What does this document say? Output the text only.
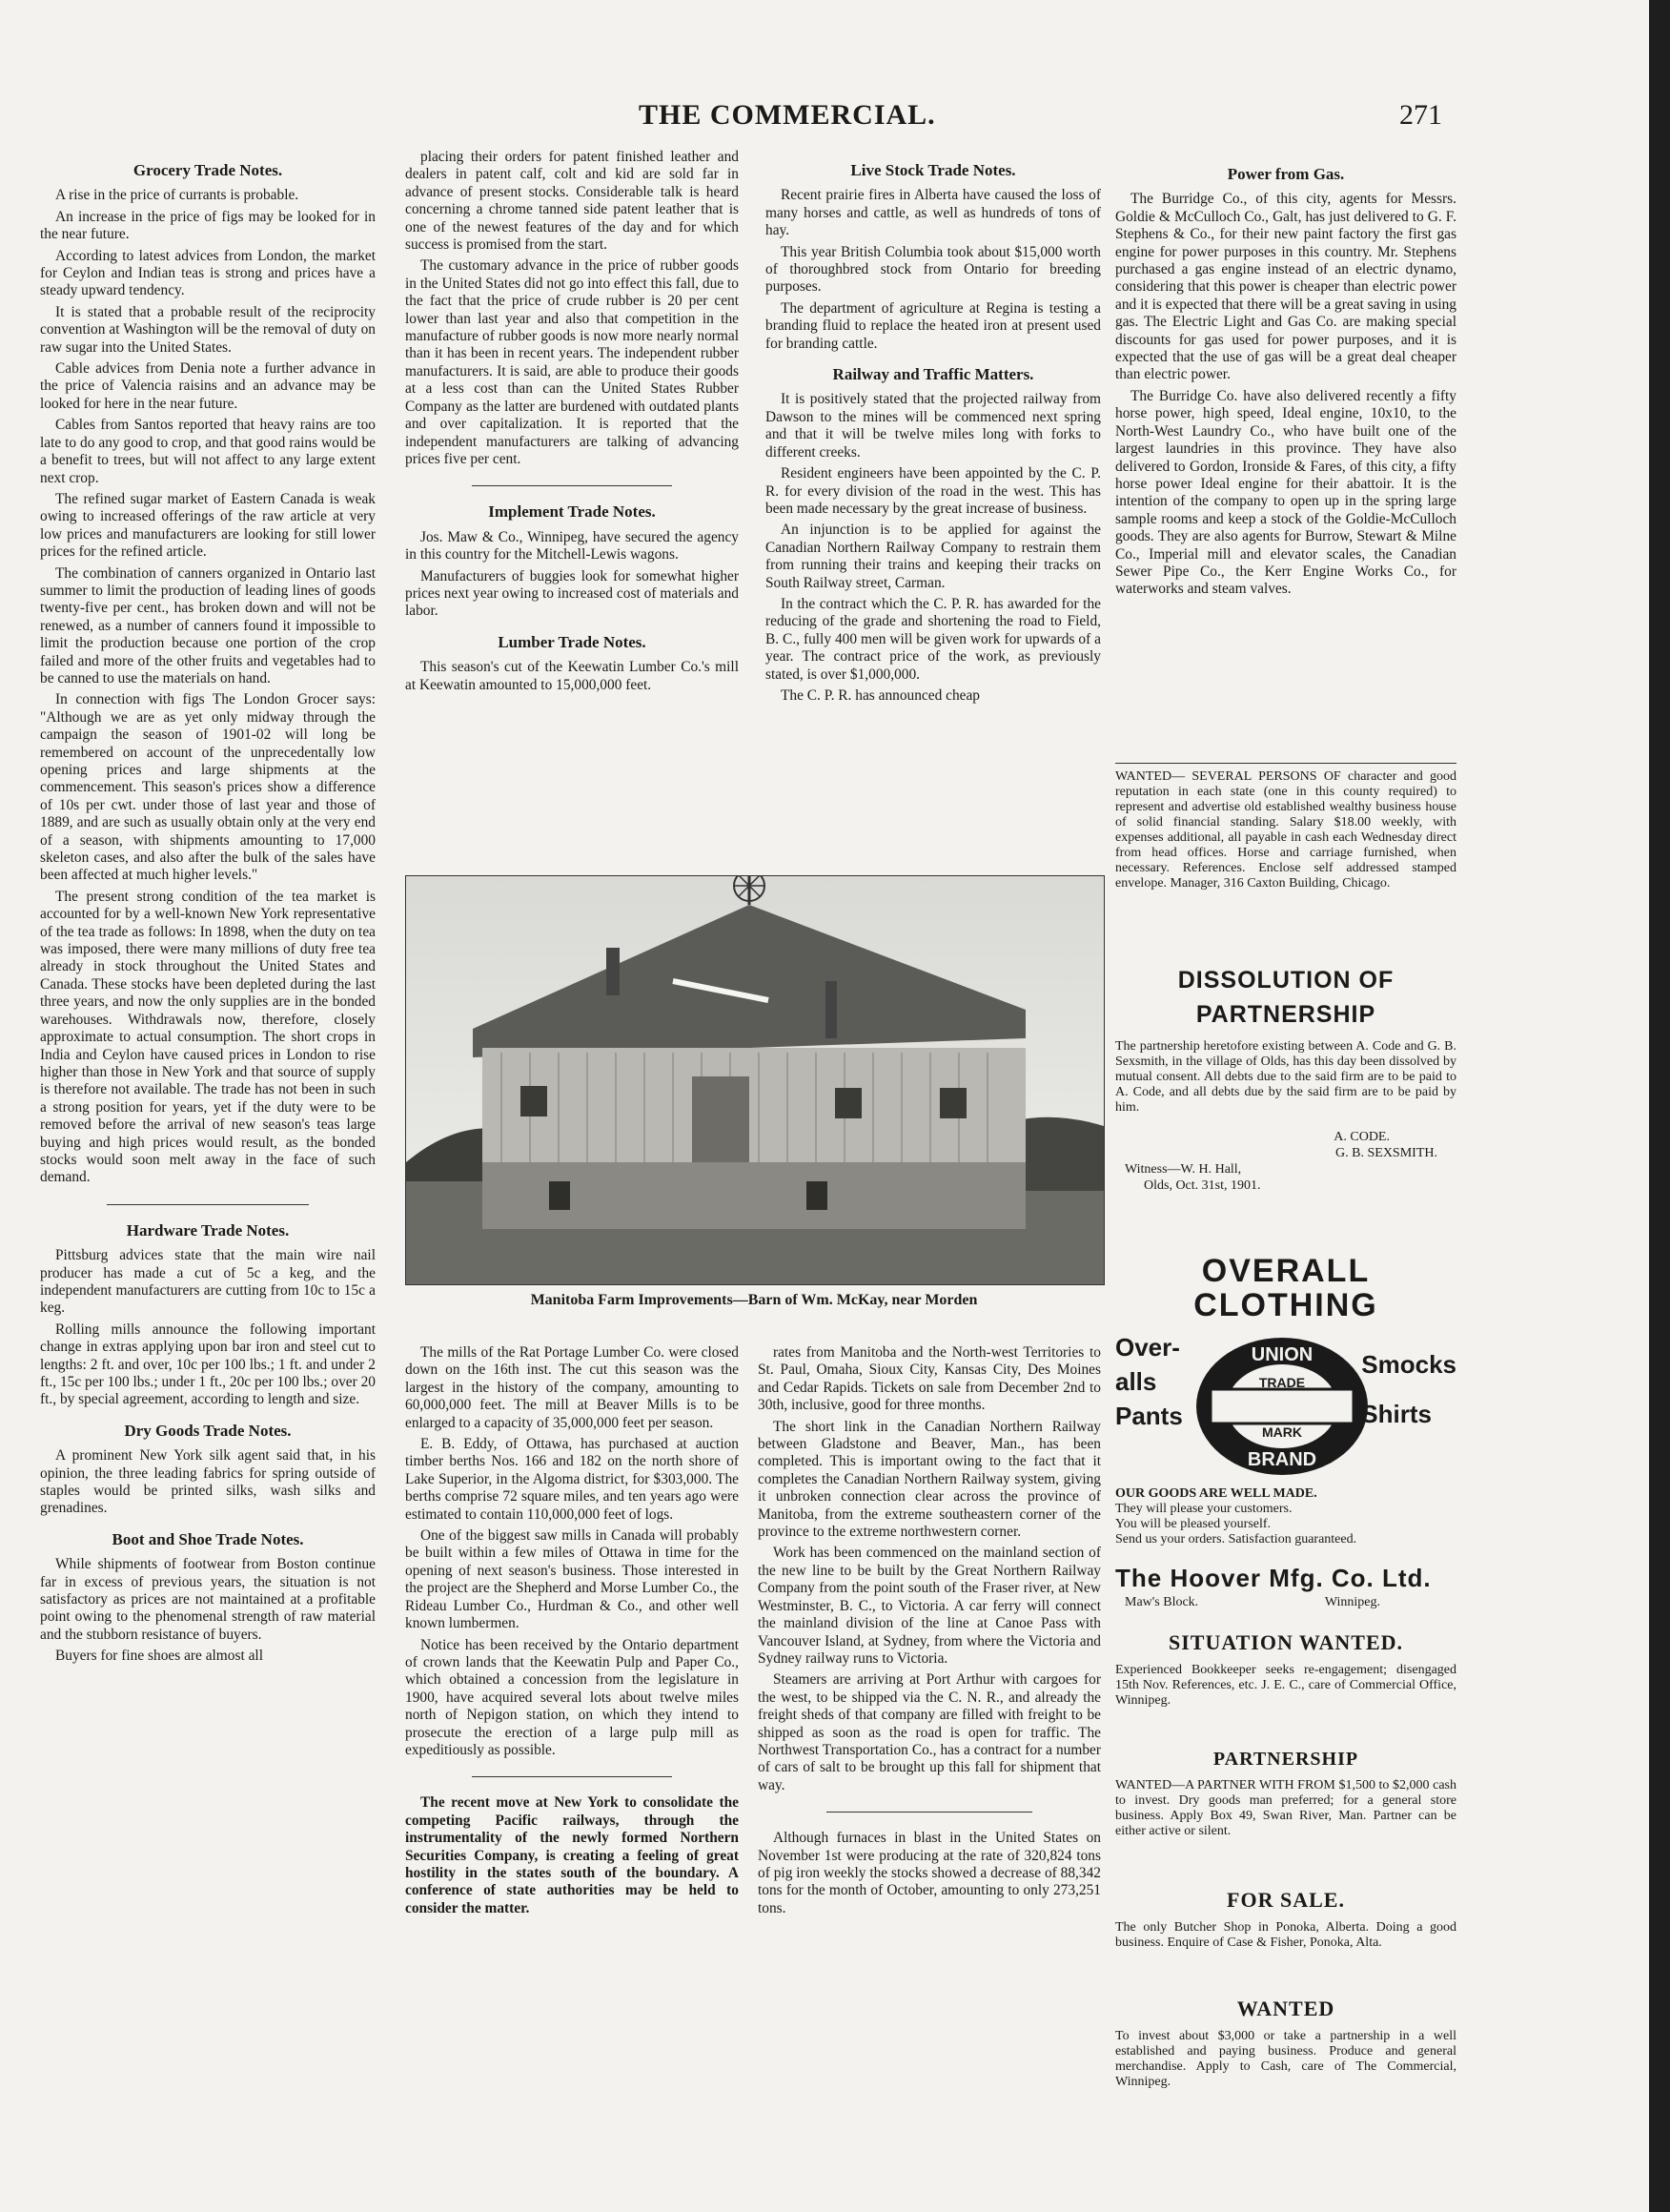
THE COMMERCIAL.	271
Grocery Trade Notes.

A rise in the price of currants is probable.

An increase in the price of figs may be looked for in the near future.

According to latest advices from London, the market for Ceylon and Indian teas is strong and prices have a steady upward tendency.

It is stated that a probable result of the reciprocity convention at Washington will be the removal of duty on raw sugar into the United States.

Cable advices from Denia note a further advance in the price of Valencia raisins and an advance may be looked for here in the near future.

Cables from Santos reported that heavy rains are too late to do any good to crop, and that good rains would be a benefit to trees, but will not affect to any large extent next crop.

The refined sugar market of Eastern Canada is weak owing to increased offerings of the raw article at very low prices and manufacturers are looking for still lower prices for the refined article.

The combination of canners organized in Ontario last summer to limit the production of leading lines of goods twenty-five per cent., has broken down and will not be renewed, as a number of canners found it impossible to limit the production because one portion of the crop failed and more of the other fruits and vegetables had to be canned to use the materials on hand.

In connection with figs The London Grocer says: "Although we are as yet only midway through the campaign the season of 1901-02 will long be remembered on account of the unprecedentally low opening prices and large shipments at the commencement. This season's prices show a difference of 10s per cwt. under those of last year and those of 1889, and are such as usually obtain only at the very end of a season, with shipments amounting to 17,000 skeleton cases, and also after the bulk of the sales have been affected at much higher levels."

The present strong condition of the tea market is accounted for by a well-known New York representative of the tea trade as follows: In 1898, when the duty on tea was imposed, there were many millions of duty free tea already in stock throughout the United States and Canada. These stocks have been depleted during the last three years, and now the only supplies are in the bonded warehouses. Withdrawals now, therefore, closely approximate to actual consumption. The short crops in India and Ceylon have caused prices in London to rise higher than those in New York and that source of supply is therefore not available. The trade has not been in such a strong position for years, yet if the duty were to be removed before the arrival of new season's teas large buying and high prices would result, as the bonded stocks would soon melt away in the face of such demand.

Hardware Trade Notes.

Pittsburg advices state that the main wire nail producer has made a cut of 5c a keg, and the independent manufacturers are cutting from 10c to 15c a keg.

Rolling mills announce the following important change in extras applying upon bar iron and steel cut to lengths: 2 ft. and over, 10c per 100 lbs.; 1 ft. and under 2 ft., 15c per 100 lbs.; under 1 ft., 20c per 100 lbs.; over 20 ft., by special agreement, according to length and size.

Dry Goods Trade Notes.

A prominent New York silk agent said that, in his opinion, the three leading fabrics for spring outside of staples would be printed silks, wash silks and grenadines.

Boot and Shoe Trade Notes.

While shipments of footwear from Boston continue far in excess of previous years, the situation is not satisfactory as prices are not maintained at a profitable point owing to the phenomenal strength of raw material and the stubborn resistance of buyers.

Buyers for fine shoes are almost all

placing their orders for patent finished leather and dealers in patent calf, colt and kid are sold far in advance of present stocks. Considerable talk is heard concerning a chrome tanned side patent leather that is one of the newest features of the day and for which success is promised from the start.

The customary advance in the price of rubber goods in the United States did not go into effect this fall, due to the fact that the price of crude rubber is 20 per cent lower than last year and also that competition in the manufacture of rubber goods is now more nearly normal than it has been in recent years. The independent rubber manufacturers. It is said, are able to produce their goods at a less cost than can the United States Rubber Company as the latter are burdened with outdated plants and over capitalization. It is reported that the independent manufacturers are talking of advancing prices five per cent.

Implement Trade Notes.

Jos. Maw & Co., Winnipeg, have secured the agency in this country for the Mitchell-Lewis wagons.

Manufacturers of buggies look for somewhat higher prices next year owing to increased cost of materials and labor.

Lumber Trade Notes.

This season's cut of the Keewatin Lumber Co.'s mill at Keewatin amounted to 15,000,000 feet.

Live Stock Trade Notes.

Recent prairie fires in Alberta have caused the loss of many horses and cattle, as well as hundreds of tons of hay.

This year British Columbia took about $15,000 worth of thoroughbred stock from Ontario for breeding purposes.

The department of agriculture at Regina is testing a branding fluid to replace the heated iron at present used for branding cattle.

Railway and Traffic Matters.

It is positively stated that the projected railway from Dawson to the mines will be commenced next spring and that it will be twelve miles long with forks to different creeks.

Resident engineers have been appointed by the C. P. R. for every division of the road in the west. This has been made necessary by the great increase of business.

An injunction is to be applied for against the Canadian Northern Railway Company to restrain them from running their trains and keeping their tracks on South Railway street, Carman.

In the contract which the C. P. R. has awarded for the reducing of the grade and shortening the road to Field, B. C., fully 400 men will be given work for upwards of a year. The contract price of the work, as previously stated, is over $1,000,000.

The C. P. R. has announced cheap

Manitoba Farm Improvements—Barn of Wm. McKay, near Morden

The mills of the Rat Portage Lumber Co. were closed down on the 16th inst. The cut this season was the largest in the history of the company, amounting to 60,000,000 feet. The mill at Beaver Mills is to be enlarged to a capacity of 35,000,000 feet per season.

E. B. Eddy, of Ottawa, has purchased at auction timber berths Nos. 166 and 182 on the north shore of Lake Superior, in the Algoma district, for $303,000. The berths comprise 72 square miles, and ten years ago were estimated to contain 110,000,000 feet of logs.

One of the biggest saw mills in Canada will probably be built within a few miles of Ottawa in time for the opening of next season's business. Those interested in the project are the Shepherd and Morse Lumber Co., the Rideau Lumber Co., Hurdman & Co., and other well known lumbermen.

Notice has been received by the Ontario department of crown lands that the Keewatin Pulp and Paper Co., which obtained a concession from the legislature in 1900, have acquired several lots about twelve miles north of Nepigon station, on which they intend to prosecute the erection of a large pulp mill as expeditiously as possible.

The recent move at New York to consolidate the competing Pacific railways, through the instrumentality of the newly formed Northern Securities Company, is creating a feeling of great hostility in the states south of the boundary. A conference of state authorities may be held to consider the matter.

rates from Manitoba and the North-west Territories to St. Paul, Omaha, Sioux City, Kansas City, Des Moines and Cedar Rapids. Tickets on sale from December 2nd to 30th, inclusive, good for three months.

The short link in the Canadian Northern Railway between Gladstone and Beaver, Man., has been completed. This is important owing to the fact that it completes the Canadian Northern Railway system, giving it unbroken connection clear across the province of Manitoba, from the extreme southeastern corner of the province to the extreme northwestern corner.

Work has been commenced on the mainland section of the new line to be built by the Great Northern Railway Company from the point south of the Fraser river, at New Westminster, B. C., to Victoria. A car ferry will connect the mainland division of the line at Canoe Pass with Vancouver Island, at Sydney, from where the Victoria and Sydney railway runs to Victoria.

Steamers are arriving at Port Arthur with cargoes for the west, to be shipped via the C. N. R., and already the freight sheds of that company are filled with freight to be shipped as soon as the road is open for traffic. The Northwest Transportation Co., has a contract for a number of cars of salt to be brought up this fall for shipment that way.

Although furnaces in blast in the United States on November 1st were producing at the rate of 320,824 tons of pig iron weekly the stocks showed a decrease of 88,342 tons for the month of October, amounting to only 273,251 tons.

Power from Gas.

The Burridge Co., of this city, agents for Messrs. Goldie & McCulloch Co., Galt, has just delivered to G. F. Stephens & Co., for their new paint factory the first gas engine for power purposes in this country. Mr. Stephens purchased a gas engine instead of an electric dynamo, considering that this power is cheaper than electric power and it is expected that there will be a great saving in using gas. The Electric Light and Gas Co. are making special discounts for gas used for power purposes, and it is expected that the use of gas will be a great deal cheaper than electric power.

The Burridge Co. have also delivered recently a fifty horse power, high speed, Ideal engine, 10x10, to the North-West Laundry Co., who have built one of the largest laundries in this province. They have also delivered to Gordon, Ironside & Fares, of this city, a fifty horse power Ideal engine for their abattoir. It is the intention of the company to open up in the spring large sample rooms and keep a stock of the Goldie-McCulloch goods. They are also agents for Burrow, Stewart & Milne Co., Imperial mill and elevator scales, the Canadian Sewer Pipe Co., the Kerr Engine Works Co., for waterworks and steam valves.

WANTED— SEVERAL PERSONS OF character and good reputation in each state (one in this county required) to represent and advertise old established wealthy business house of solid financial standing. Salary $18.00 weekly, with expenses additional, all payable in cash each Wednesday direct from head offices. Horse and carriage furnished, when necessary. References. Enclose self addressed stamped envelope. Manager, 316 Caxton Building, Chicago.
DISSOLUTION OF PARTNERSHIP
The partnership heretofore existing between A. Code and G. B. Sexsmith, in the village of Olds, has this day been dissolved by mutual consent. All debts due to the said firm are to be paid to A. Code, and all debts due by the said firm are to be paid by him.
A. CODE.
G. B. SEXSMITH.
Witness—W. H. Hall,
Olds, Oct. 31st, 1901.
OVERALL CLOTHING
Over-
alls
Pants
UNION
TRADE
MARK
BRAND
Smocks
Shirts
OUR GOODS ARE WELL MADE.
They will please your customers.
You will be pleased yourself.
Send us your orders. Satisfaction guaranteed.
The Hoover Mfg. Co. Ltd.
Maw's Block.	Winnipeg.
SITUATION WANTED.
Experienced Bookkeeper seeks re-engagement; disengaged 15th Nov. References, etc. J. E. C., care of Commercial Office, Winnipeg.
PARTNERSHIP
WANTED—A PARTNER WITH FROM $1,500 to $2,000 cash to invest. Dry goods man preferred; for a general store business. Apply Box 49, Swan River, Man. Partner can be either active or silent.
FOR SALE.
The only Butcher Shop in Ponoka, Alberta. Doing a good business. Enquire of Case & Fisher, Ponoka, Alta.
WANTED
To invest about $3,000 or take a partnership in a well established and paying business. Produce and general merchandise. Apply to Cash, care of The Commercial, Winnipeg.
